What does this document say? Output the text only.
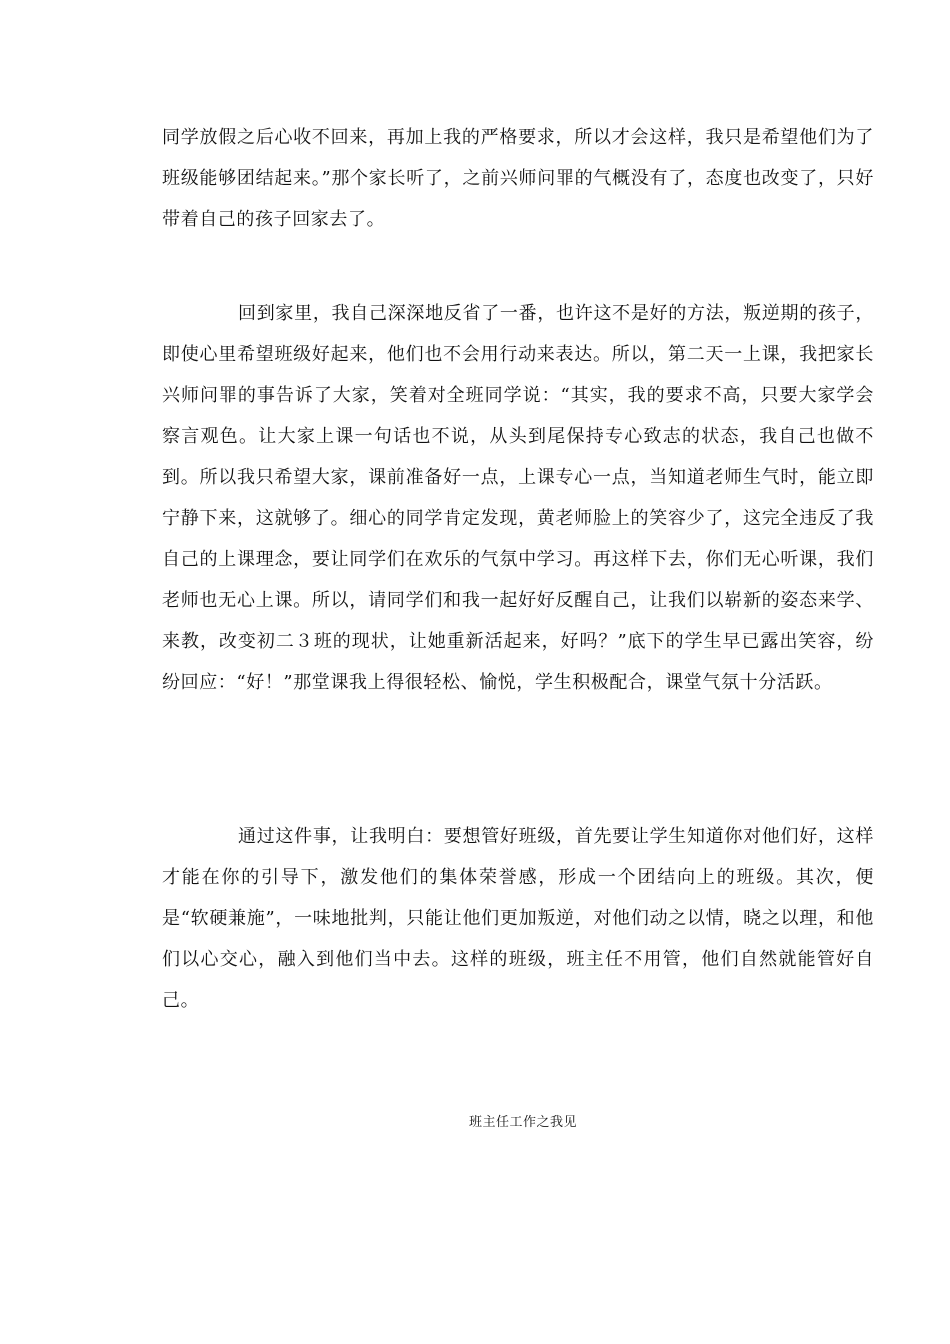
同学放假之后心收不回来，再加上我的严格要求，所以才会这样，我只是希望他们为了班级能够团结起来。”那个家长听了，之前兴师问罪的气概没有了，态度也改变了，只好带着自己的孩子回家去了。

回到家里，我自己深深地反省了一番，也许这不是好的方法，叛逆期的孩子，即使心里希望班级好起来，他们也不会用行动来表达。所以，第二天一上课，我把家长兴师问罪的事告诉了大家，笑着对全班同学说：“其实，我的要求不高，只要大家学会察言观色。让大家上课一句话也不说，从头到尾保持专心致志的状态，我自己也做不到。所以我只希望大家，课前准备好一点，上课专心一点，当知道老师生气时，能立即宁静下来，这就够了。细心的同学肯定发现，黄老师脸上的笑容少了，这完全违反了我自己的上课理念，要让同学们在欢乐的气氛中学习。再这样下去，你们无心听课，我们老师也无心上课。所以，请同学们和我一起好好反醒自己，让我们以崭新的姿态来学、来教，改变初二３班的现状，让她重新活起来，好吗？”底下的学生早已露出笑容，纷纷回应：“好！”那堂课我上得很轻松、愉悦，学生积极配合，课堂气氛十分活跃。

通过这件事，让我明白：要想管好班级，首先要让学生知道你对他们好，这样才能在你的引导下，激发他们的集体荣誉感，形成一个团结向上的班级。其次，便是“软硬兼施”，一味地批判，只能让他们更加叛逆，对他们动之以情，晓之以理，和他们以心交心，融入到他们当中去。这样的班级，班主任不用管，他们自然就能管好自己。

班主任工作之我见
